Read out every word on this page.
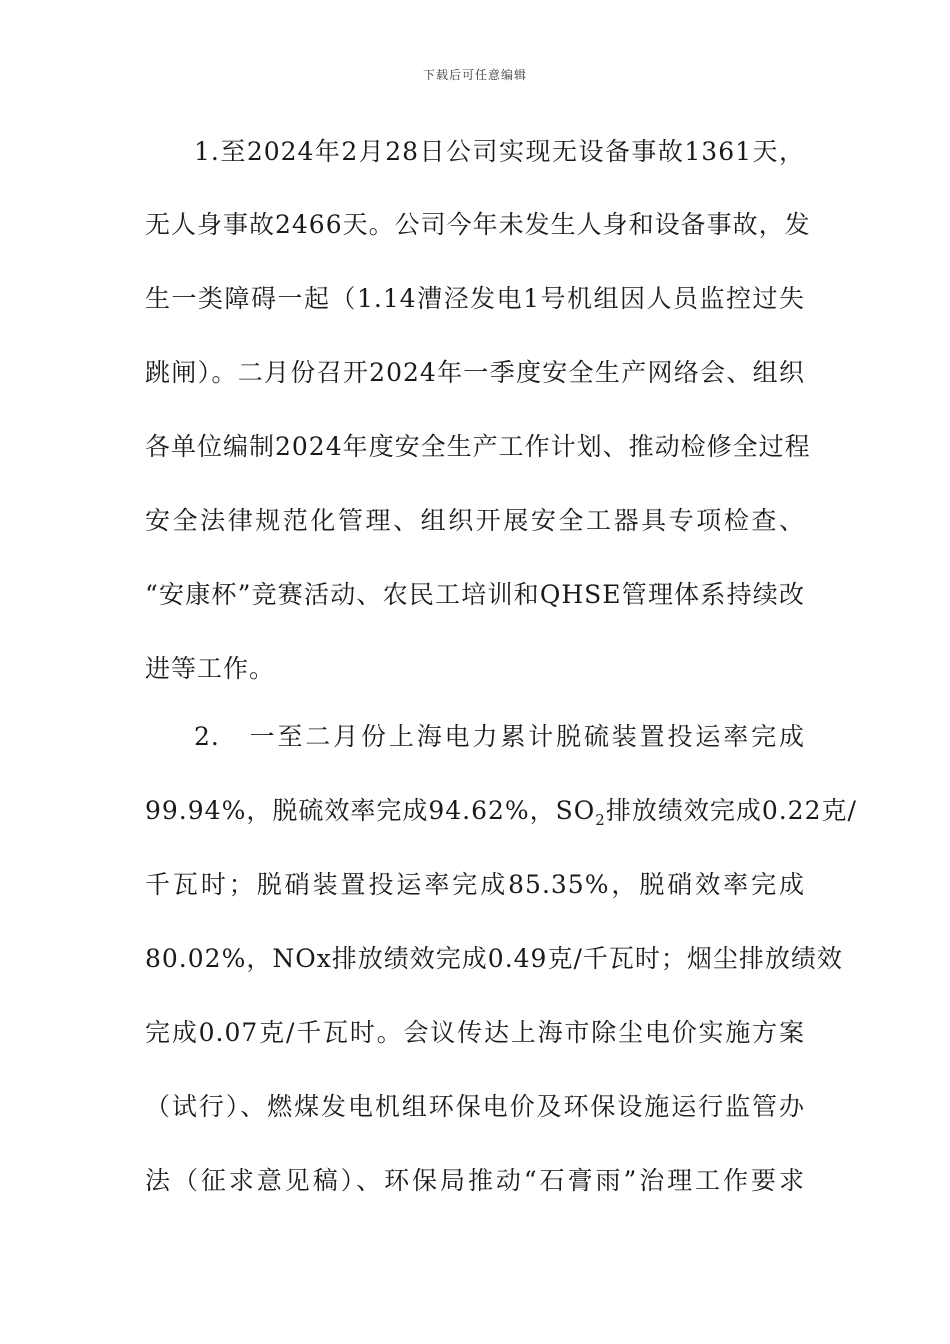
下载后可任意编辑
1.至2024年2月28日公司实现无设备事故1361天，
无人身事故2466天。公司今年未发生人身和设备事故，发
生一类障碍一起（1.14漕泾发电1号机组因人员监控过失
跳闸）。二月份召开2024年一季度安全生产网络会、组织
各单位编制2024年度安全生产工作计划、推动检修全过程
安全法律规范化管理、组织开展安全工器具专项检查、
“安康杯”竞赛活动、农民工培训和QHSE管理体系持续改
进等工作。
2.　一至二月份上海电力累计脱硫装置投运率完成
99.94%，脱硫效率完成94.62%，$SO_2$排放绩效完成0.22克/
千瓦时；脱硝装置投运率完成85.35%，脱硝效率完成
80.02%，NOx排放绩效完成0.49克/千瓦时；烟尘排放绩效
完成0.07克/千瓦时。会议传达上海市除尘电价实施方案
（试行）、燃煤发电机组环保电价及环保设施运行监管办
法（征求意见稿）、环保局推动“石膏雨”治理工作要求
